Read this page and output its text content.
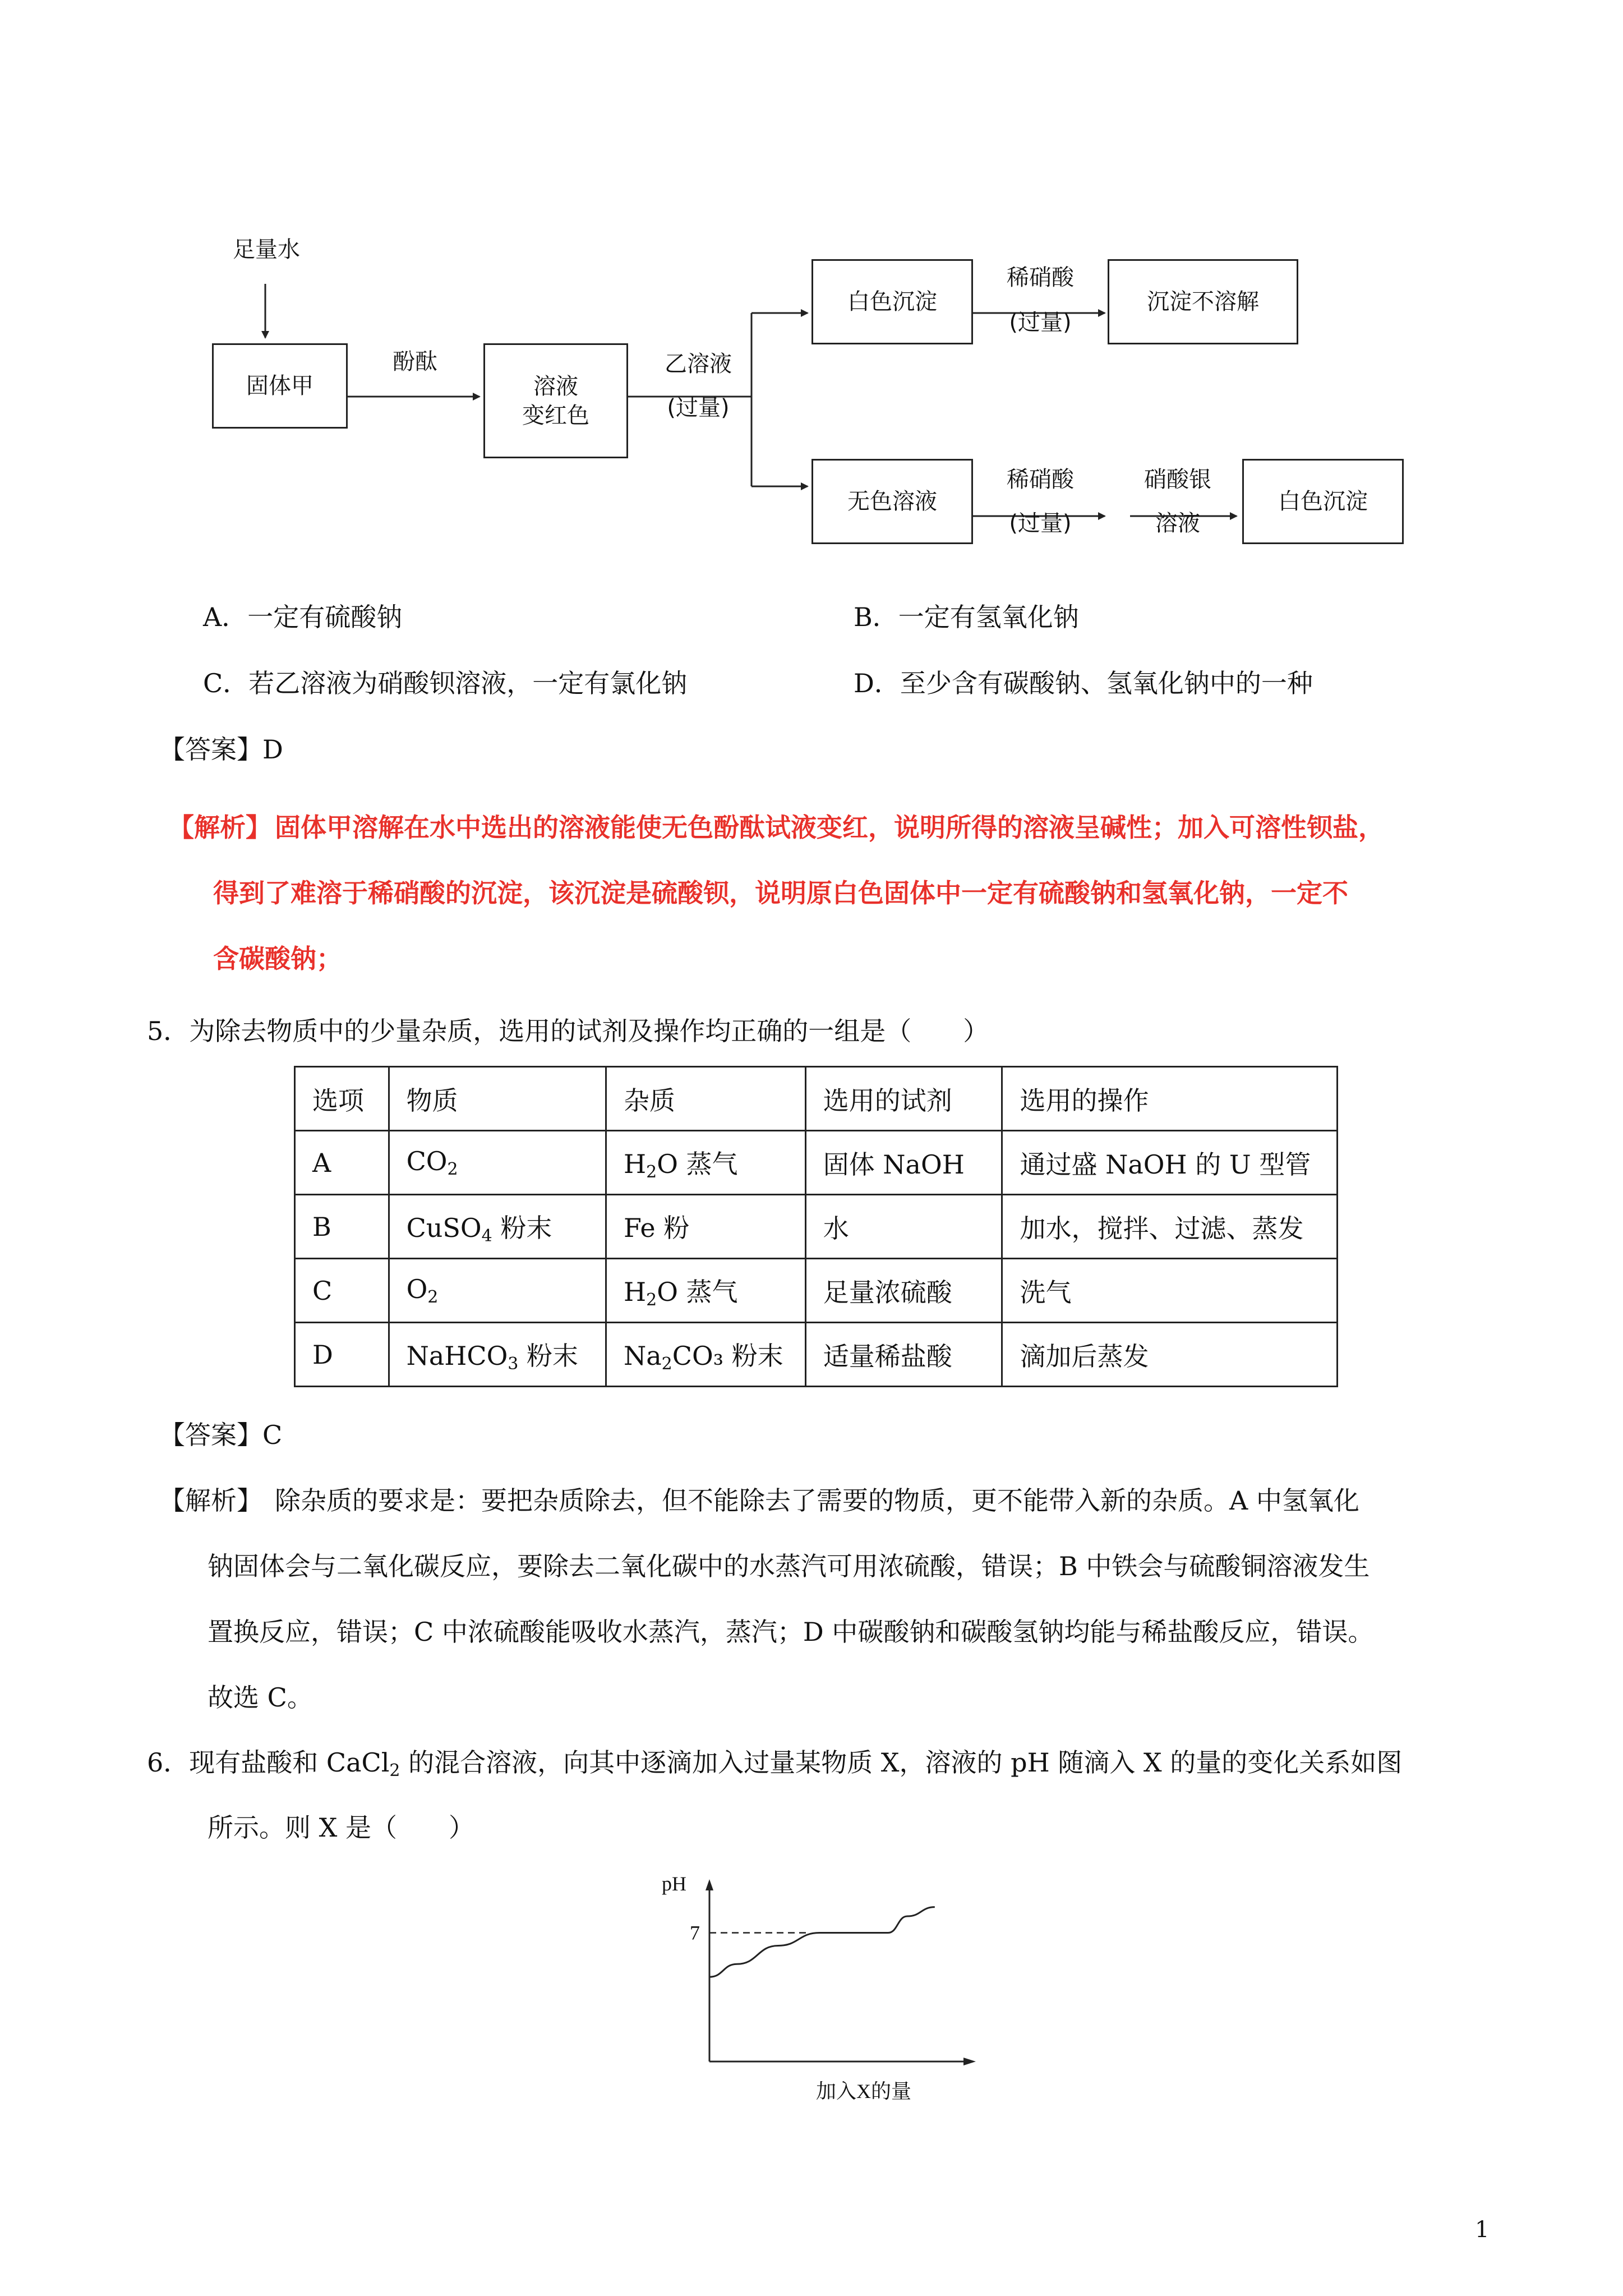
足量水
固体甲
酚酞
溶液
变红色
乙溶液
(过量)
白色沉淀
稀硝酸
(过量)
沉淀不溶解
无色溶液
稀硝酸
(过量)
硝酸银
溶液
白色沉淀
A．一定有硫酸钠	B．一定有氢氧化钠
C．若乙溶液为硝酸钡溶液，一定有氯化钠	D．至少含有碳酸钠、氢氧化钠中的一种
【答案】D
【解析】 固体甲溶解在水中选出的溶液能使无色酚酞试液变红，说明所得的溶液呈碱性；加入可溶性钡盐，
得到了难溶于稀硝酸的沉淀，该沉淀是硫酸钡，说明原白色固体中一定有硫酸钠和氢氧化钠，一定不
含碳酸钠；
5．为除去物质中的少量杂质，选用的试剂及操作均正确的一组是（　　）
选项	物质	杂质	选用的试剂	选用的操作
A	$CO_2$	$H_2O$ 蒸气	固体 NaOH	通过盛 NaOH 的 U 型管
B	CuSO$_4$ 粉末	Fe 粉	水	加水，搅拌、过滤、蒸发
C	$O_2$	$H_2O$ 蒸气	足量浓硫酸	洗气
D	NaHCO$_3$ 粉末	$Na_2CO_3$ 粉末	适量稀盐酸	滴加后蒸发
【答案】C
【解析】 除杂质的要求是：要把杂质除去，但不能除去了需要的物质，更不能带入新的杂质。A 中氢氧化
钠固体会与二氧化碳反应，要除去二氧化碳中的水蒸汽可用浓硫酸，错误；B 中铁会与硫酸铜溶液发生
置换反应，错误；C 中浓硫酸能吸收水蒸汽，蒸汽；D 中碳酸钠和碳酸氢钠均能与稀盐酸反应，错误。
故选 C。
6．现有盐酸和 CaCl$_2$ 的混合溶液，向其中逐滴加入过量某物质 X，溶液的 pH 随滴入 X 的量的变化关系如图
所示。则 X 是（　　）
pH
7
加入X的量
1
